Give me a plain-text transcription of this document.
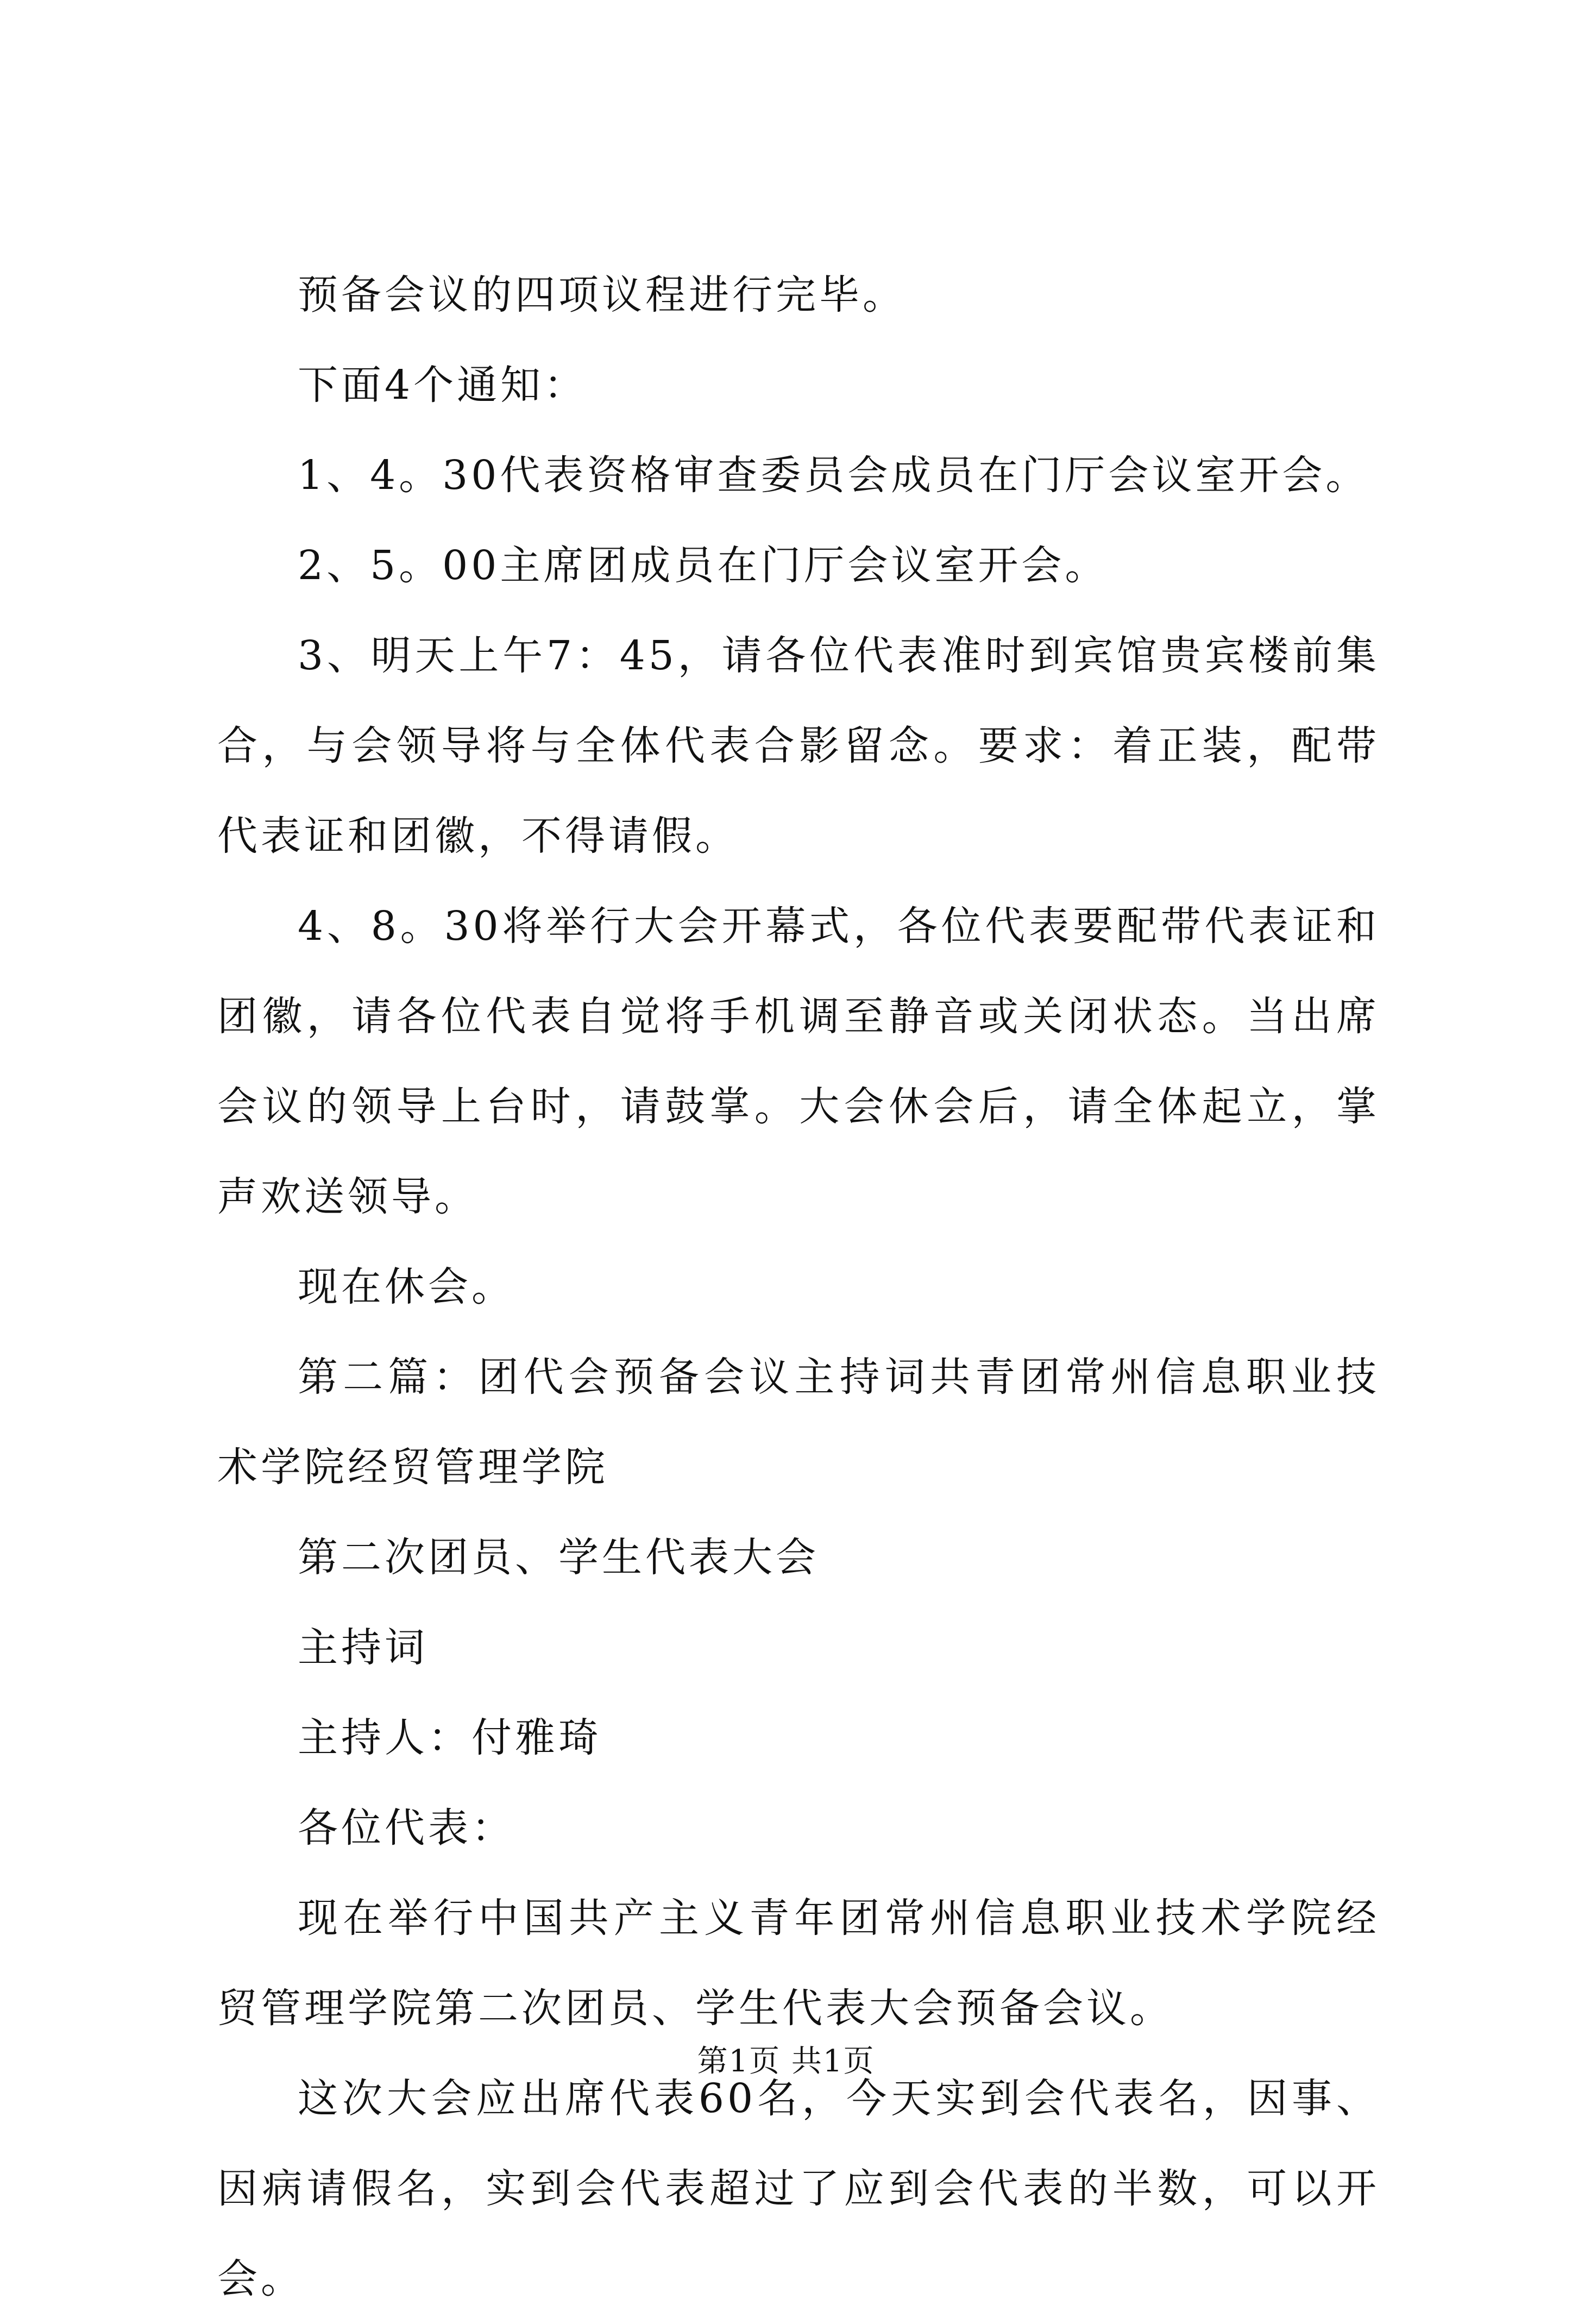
预备会议的四项议程进行完毕。

下面4个通知：

1、4。30代表资格审查委员会成员在门厅会议室开会。

2、5。00主席团成员在门厅会议室开会。

3、明天上午7：45，请各位代表准时到宾馆贵宾楼前集合，与会领导将与全体代表合影留念。要求：着正装，配带代表证和团徽，不得请假。

4、8。30将举行大会开幕式，各位代表要配带代表证和团徽，请各位代表自觉将手机调至静音或关闭状态。当出席会议的领导上台时，请鼓掌。大会休会后，请全体起立，掌声欢送领导。

现在休会。

第二篇：团代会预备会议主持词共青团常州信息职业技术学院经贸管理学院

第二次团员、学生代表大会

主持词

主持人：付雅琦

各位代表：

现在举行中国共产主义青年团常州信息职业技术学院经贸管理学院第二次团员、学生代表大会预备会议。

这次大会应出席代表60名，今天实到会代表名，因事、因病请假名，实到会代表超过了应到会代表的半数，可以开会。

第1页 共1页
